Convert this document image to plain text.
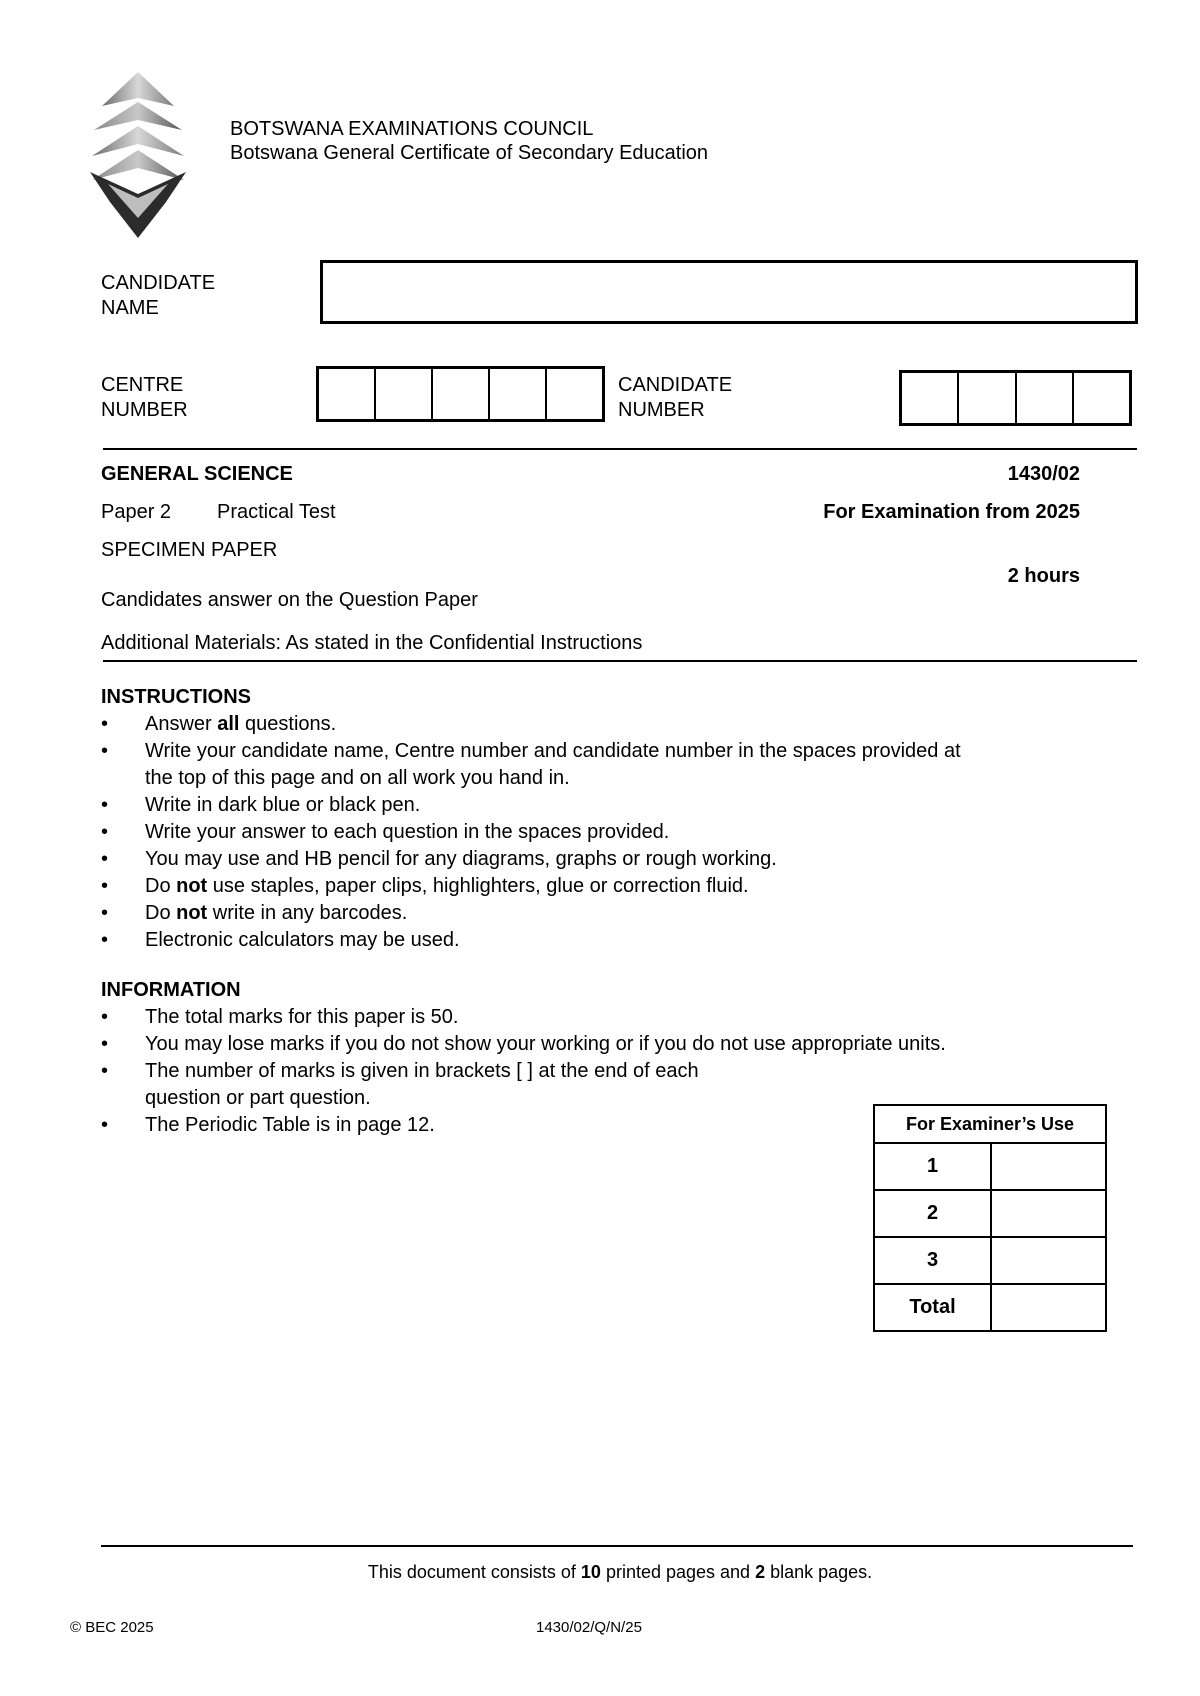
BOTSWANA EXAMINATIONS COUNCIL
Botswana General Certificate of Secondary Education
CANDIDATE
NAME
CENTRE
NUMBER
CANDIDATE
NUMBER
GENERAL SCIENCE	1430/02
Paper 2 Practical Test	For Examination from 2025
SPECIMEN PAPER
2 hours
Candidates answer on the Question Paper
Additional Materials: As stated in the Confidential Instructions
INSTRUCTIONS
• Answer all questions.
• Write your candidate name, Centre number and candidate number in the spaces provided at
the top of this page and on all work you hand in.
• Write in dark blue or black pen.
• Write your answer to each question in the spaces provided.
• You may use and HB pencil for any diagrams, graphs or rough working.
• Do not use staples, paper clips, highlighters, glue or correction fluid.
• Do not write in any barcodes.
• Electronic calculators may be used.
INFORMATION
• The total marks for this paper is 50.
• You may lose marks if you do not show your working or if you do not use appropriate units.
• The number of marks is given in brackets [ ] at the end of each
question or part question.
• The Periodic Table is in page 12.	For Examiner’s Use	
1	
2	
3	
Total	
This document consists of 10 printed pages and 2 blank pages.
© BEC 2025	1430/02/Q/N/25
